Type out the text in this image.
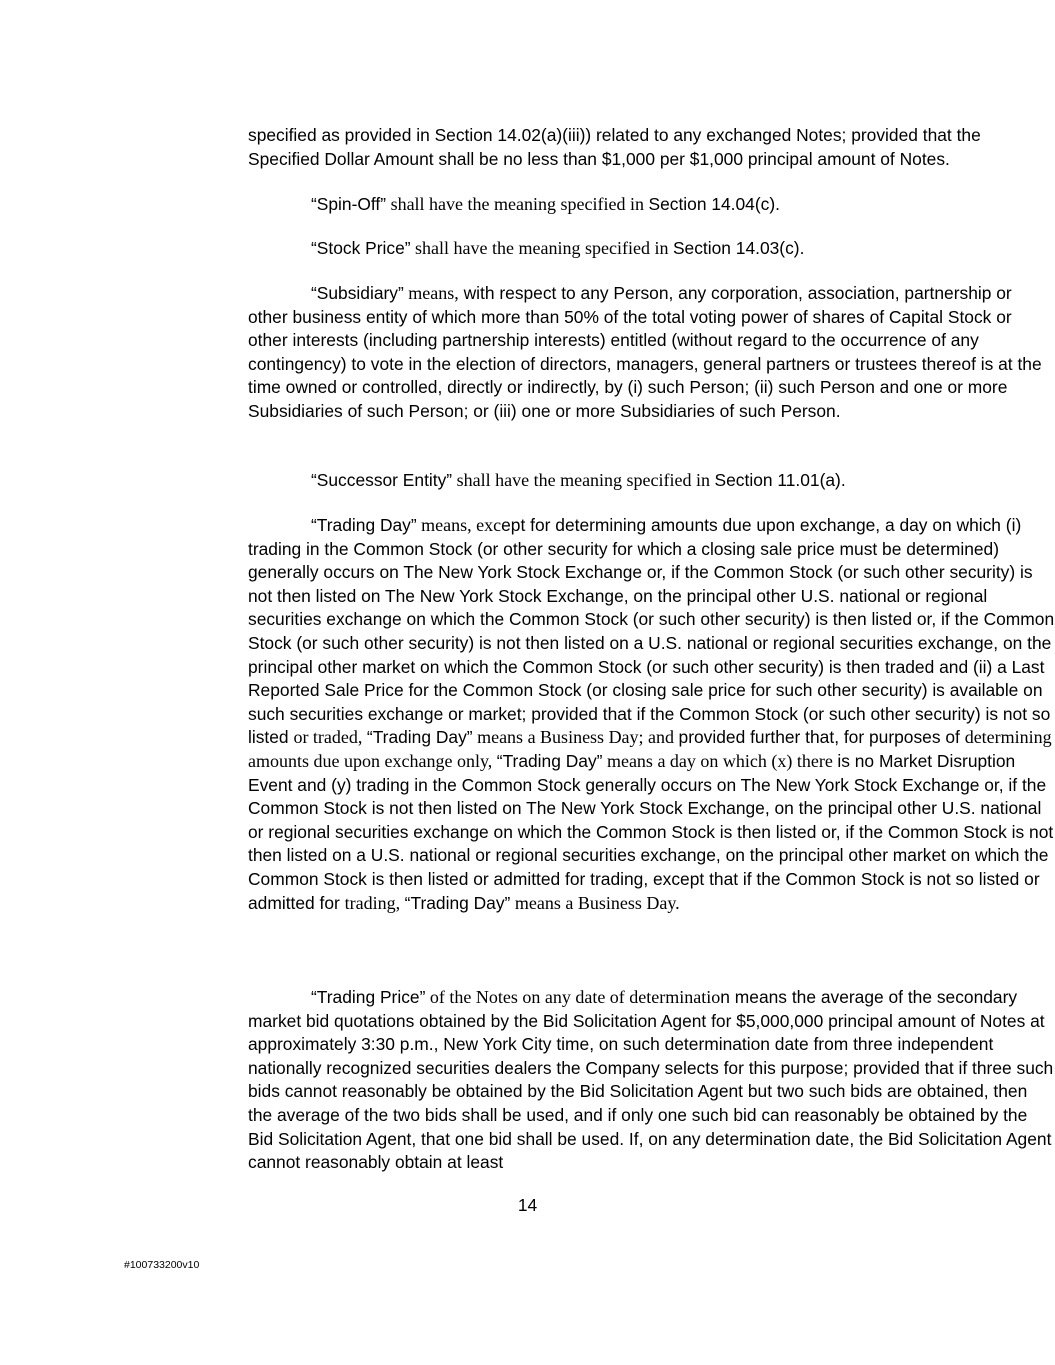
specified as provided in Section 14.02(a)(iii)) related to any exchanged Notes; provided that the Specified Dollar Amount shall be no less than $1,000 per $1,000 principal amount of Notes.

“Spin-Off” shall have the meaning specified in Section 14.04(c).

“Stock Price” shall have the meaning specified in Section 14.03(c).

“Subsidiary” means, with respect to any Person, any corporation, association, partnership or other business entity of which more than 50% of the total voting power of shares of Capital Stock or other interests (including partnership interests) entitled (without regard to the occurrence of any contingency) to vote in the election of directors, managers, general partners or trustees thereof is at the time owned or controlled, directly or indirectly, by (i) such Person; (ii) such Person and one or more Subsidiaries of such Person; or (iii) one or more Subsidiaries of such Person.

“Successor Entity” shall have the meaning specified in Section 11.01(a).

“Trading Day” means, except for determining amounts due upon exchange, a day on which (i) trading in the Common Stock (or other security for which a closing sale price must be determined) generally occurs on The New York Stock Exchange or, if the Common Stock (or such other security) is not then listed on The New York Stock Exchange, on the principal other U.S. national or regional securities exchange on which the Common Stock (or such other security) is then listed or, if the Common Stock (or such other security) is not then listed on a U.S. national or regional securities exchange, on the principal other market on which the Common Stock (or such other security) is then traded and (ii) a Last Reported Sale Price for the Common Stock (or closing sale price for such other security) is available on such securities exchange or market; provided that if the Common Stock (or such other security) is not so listed or traded, “Trading Day” means a Business Day; and provided further that, for purposes of determining amounts due upon exchange only, “Trading Day” means a day on which (x) there is no Market Disruption Event and (y) trading in the Common Stock generally occurs on The New York Stock Exchange or, if the Common Stock is not then listed on The New York Stock Exchange, on the principal other U.S. national or regional securities exchange on which the Common Stock is then listed or, if the Common Stock is not then listed on a U.S. national or regional securities exchange, on the principal other market on which the Common Stock is then listed or admitted for trading, except that if the Common Stock is not so listed or admitted for trading, “Trading Day” means a Business Day.

“Trading Price” of the Notes on any date of determination means the average of the secondary market bid quotations obtained by the Bid Solicitation Agent for $5,000,000 principal amount of Notes at approximately 3:30 p.m., New York City time, on such determination date from three independent nationally recognized securities dealers the Company selects for this purpose; provided that if three such bids cannot reasonably be obtained by the Bid Solicitation Agent but two such bids are obtained, then the average of the two bids shall be used, and if only one such bid can reasonably be obtained by the Bid Solicitation Agent, that one bid shall be used. If, on any determination date, the Bid Solicitation Agent cannot reasonably obtain at least

14
#100733200v10
